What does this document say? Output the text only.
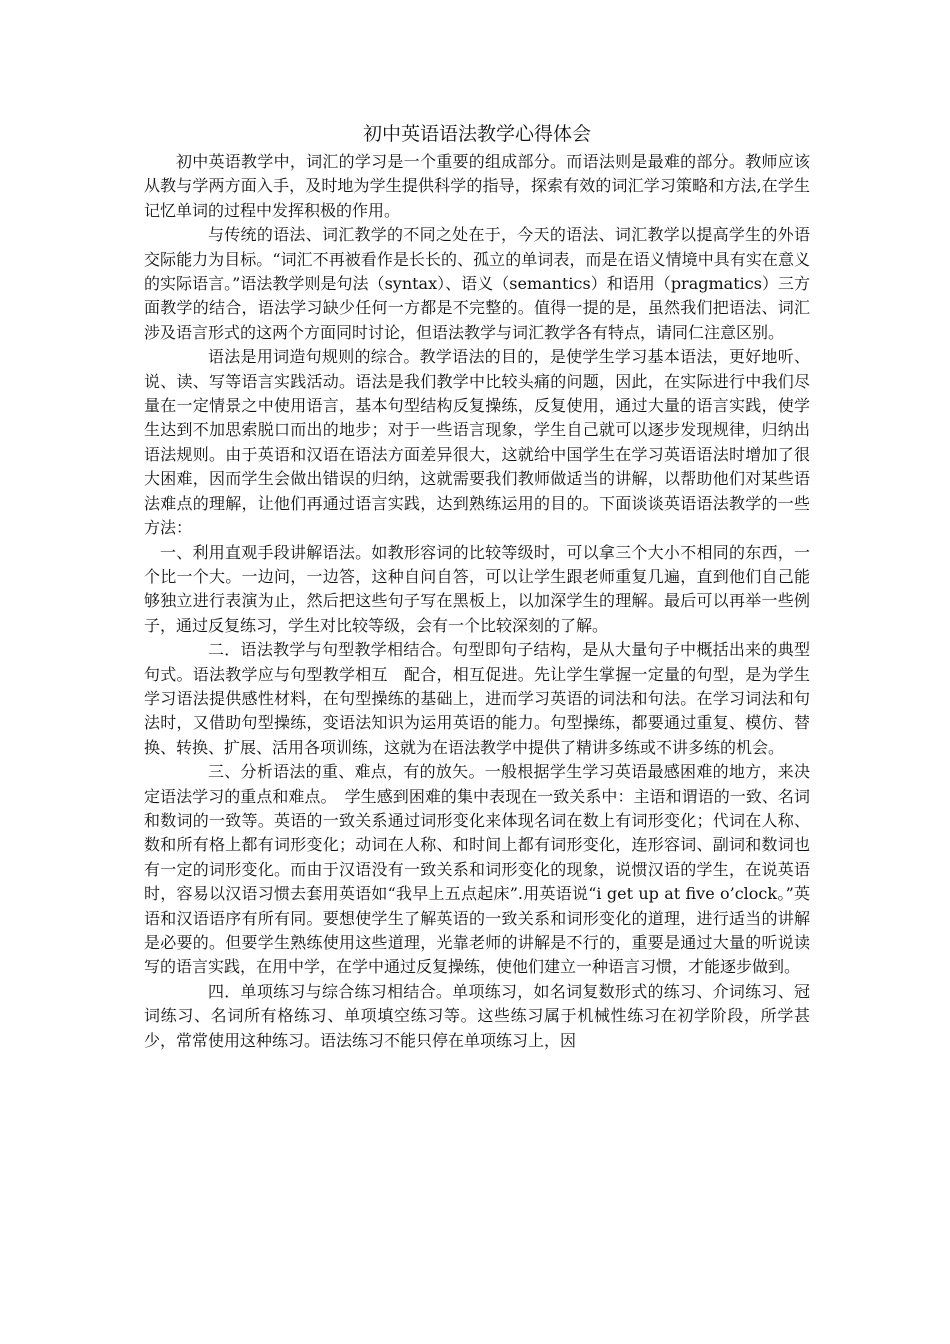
初中英语语法教学心得体会

初中英语教学中，词汇的学习是一个重要的组成部分。而语法则是最难的部分。教师应该从教与学两方面入手，及时地为学生提供科学的指导，探索有效的词汇学习策略和方法,在学生记忆单词的过程中发挥积极的作用。

与传统的语法、词汇教学的不同之处在于，今天的语法、词汇教学以提高学生的外语交际能力为目标。“词汇不再被看作是长长的、孤立的单词表，而是在语义情境中具有实在意义的实际语言。”语法教学则是句法（syntax）、语义（semantics）和语用（pragmatics）三方面教学的结合，语法学习缺少任何一方都是不完整的。值得一提的是，虽然我们把语法、词汇涉及语言形式的这两个方面同时讨论，但语法教学与词汇教学各有特点，请同仁注意区别。

语法是用词造句规则的综合。教学语法的目的，是使学生学习基本语法，更好地听、说、读、写等语言实践活动。语法是我们教学中比较头痛的问题，因此，在实际进行中我们尽量在一定情景之中使用语言，基本句型结构反复操练，反复使用，通过大量的语言实践，使学生达到不加思索脱口而出的地步；对于一些语言现象，学生自己就可以逐步发现规律，归纳出语法规则。由于英语和汉语在语法方面差异很大，这就给中国学生在学习英语语法时增加了很大困难，因而学生会做出错误的归纳，这就需要我们教师做适当的讲解，以帮助他们对某些语法难点的理解，让他们再通过语言实践，达到熟练运用的目的。下面谈谈英语语法教学的一些方法：

一、利用直观手段讲解语法。如教形容词的比较等级时，可以拿三个大小不相同的东西，一个比一个大。一边问，一边答，这种自问自答，可以让学生跟老师重复几遍，直到他们自己能够独立进行表演为止，然后把这些句子写在黑板上，以加深学生的理解。最后可以再举一些例子，通过反复练习，学生对比较等级，会有一个比较深刻的了解。

二．语法教学与句型教学相结合。句型即句子结构，是从大量句子中概括出来的典型句式。语法教学应与句型教学相互　配合，相互促进。先让学生掌握一定量的句型，是为学生学习语法提供感性材料，在句型操练的基础上，进而学习英语的词法和句法。在学习词法和句法时，又借助句型操练，变语法知识为运用英语的能力。句型操练，都要通过重复、模仿、替换、转换、扩展、活用各项训练，这就为在语法教学中提供了精讲多练或不讲多练的机会。

三、分析语法的重、难点，有的放矢。一般根据学生学习英语最感困难的地方，来决定语法学习的重点和难点。　学生感到困难的集中表现在一致关系中：主语和谓语的一致、名词和数词的一致等。英语的一致关系通过词形变化来体现名词在数上有词形变化；代词在人称、数和所有格上都有词形变化；动词在人称、和时间上都有词形变化，连形容词、副词和数词也有一定的词形变化。而由于汉语没有一致关系和词形变化的现象，说惯汉语的学生，在说英语时，容易以汉语习惯去套用英语如“我早上五点起床”.用英语说“i get up at five o’clock。”英语和汉语语序有所有同。要想使学生了解英语的一致关系和词形变化的道理，进行适当的讲解是必要的。但要学生熟练使用这些道理，光靠老师的讲解是不行的，重要是通过大量的听说读写的语言实践，在用中学，在学中通过反复操练，使他们建立一种语言习惯，才能逐步做到。

四．单项练习与综合练习相结合。单项练习，如名词复数形式的练习、介词练习、冠词练习、名词所有格练习、单项填空练习等。这些练习属于机械性练习在初学阶段，所学甚少，常常使用这种练习。语法练习不能只停在单项练习上，因
